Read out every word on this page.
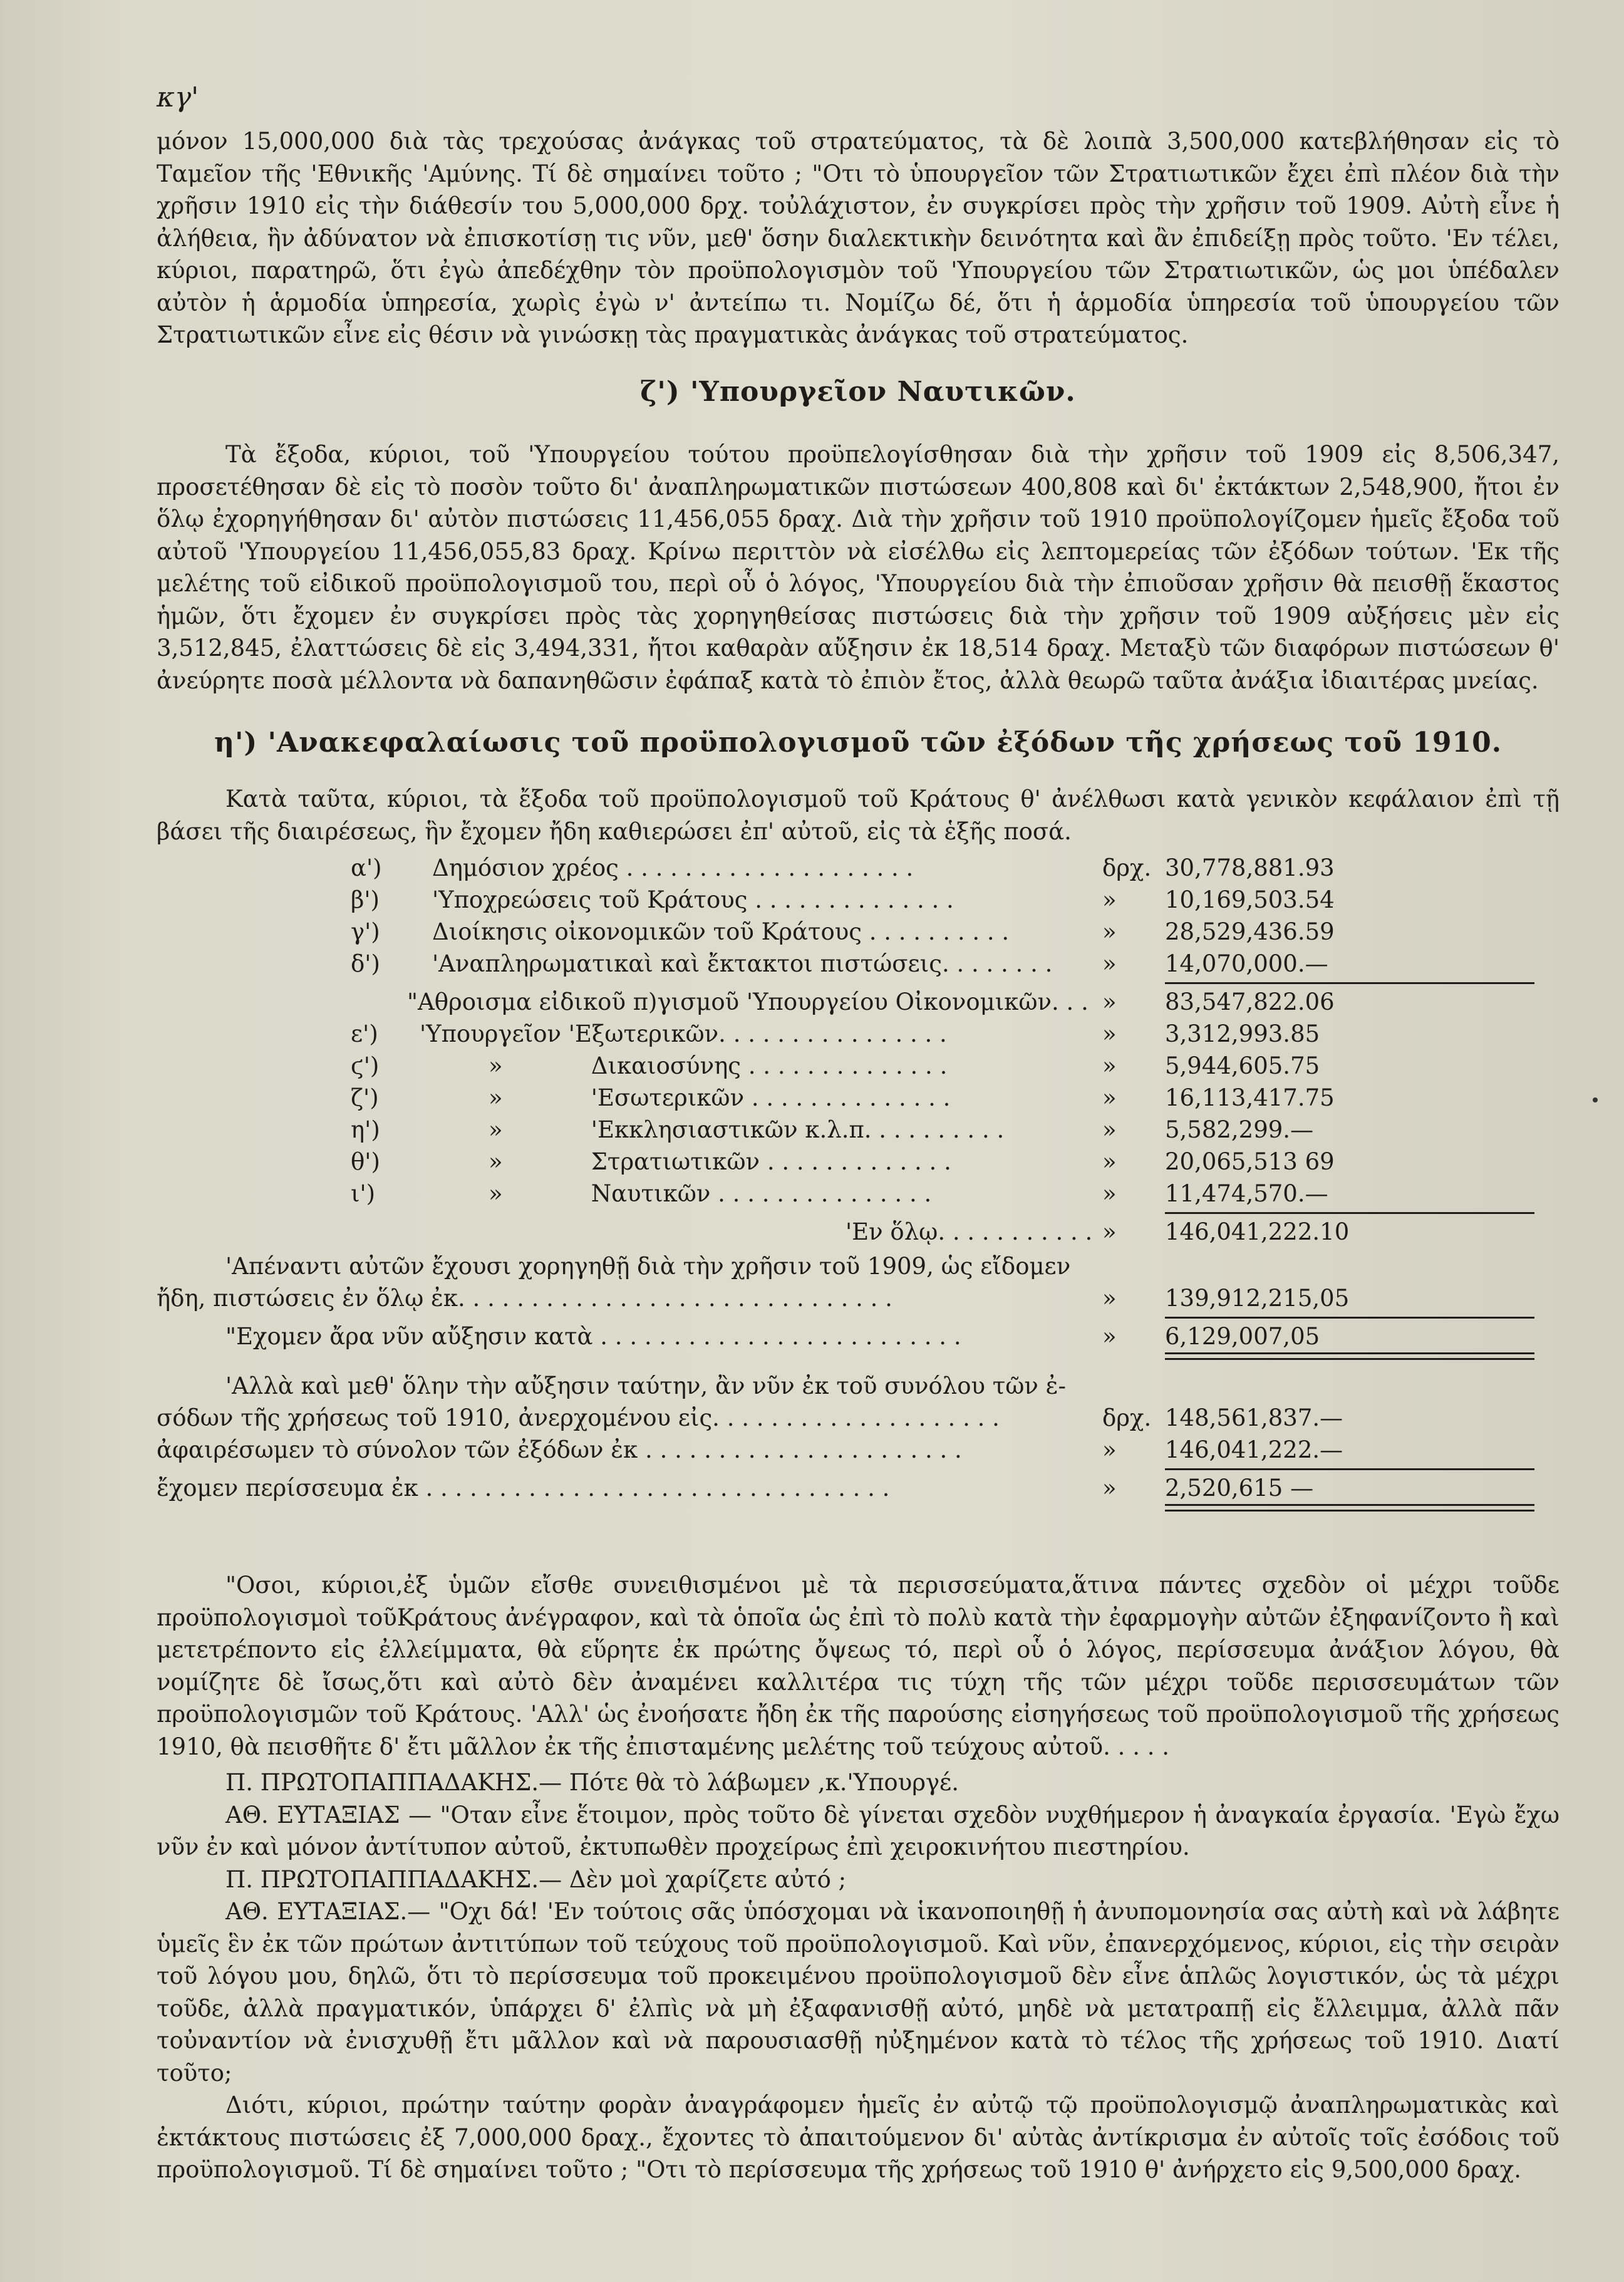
κγ'

μόνον 15,000,000 διὰ τὰς τρεχούσας ἀνάγκας τοῦ στρατεύματος, τὰ δὲ λοιπὰ 3,500,000 κατεβλήθησαν εἰς τὸ Ταμεῖον τῆς 'Εθνικῆς 'Αμύνης. Τί δὲ σημαίνει τοῦτο ; "Οτι τὸ ὑπουργεῖον τῶν Στρατιωτικῶν ἔχει ἐπὶ πλέον διὰ τὴν χρῆσιν 1910 εἰς τὴν διάθεσίν του 5,000,000 δρχ. τοὐλάχιστον, ἐν συγκρίσει πρὸς τὴν χρῆσιν τοῦ 1909. Αὐτὴ εἶνε ἡ ἀλήθεια, ἣν ἀδύνατον νὰ ἐπισκοτίσῃ τις νῦν, μεθ' ὅσην διαλεκτικὴν δεινότητα καὶ ἂν ἐπιδείξῃ πρὸς τοῦτο. 'Εν τέλει, κύριοι, παρατηρῶ, ὅτι ἐγὼ ἀπεδέχθην τὸν προϋπολογισμὸν τοῦ 'Υπουργείου τῶν Στρατιωτικῶν, ὡς μοι ὑπέδαλεν αὐτὸν ἡ ἁρμοδία ὑπηρεσία, χωρὶς ἐγὼ ν' ἀντείπω τι. Νομίζω δέ, ὅτι ἡ ἁρμοδία ὑπηρεσία τοῦ ὑπουργείου τῶν Στρατιωτικῶν εἶνε εἰς θέσιν νὰ γινώσκῃ τὰς πραγματικὰς ἀνάγκας τοῦ στρατεύματος.

ζ') 'Υπουργεῖον Ναυτικῶν.

Τὰ ἔξοδα, κύριοι, τοῦ 'Υπουργείου τούτου προϋπελογίσθησαν διὰ τὴν χρῆσιν τοῦ 1909 εἰς 8,506,347, προσετέθησαν δὲ εἰς τὸ ποσὸν τοῦτο δι' ἀναπληρωματικῶν πιστώσεων 400,808 καὶ δι' ἐκτάκτων 2,548,900, ἤτοι ἐν ὅλῳ ἐχορηγήθησαν δι' αὐτὸν πιστώσεις 11,456,055 δραχ. Διὰ τὴν χρῆσιν τοῦ 1910 προϋπολογίζομεν ἡμεῖς ἔξοδα τοῦ αὐτοῦ 'Υπουργείου 11,456,055,83 δραχ. Κρίνω περιττὸν νὰ εἰσέλθω εἰς λεπτομερείας τῶν ἐξόδων τούτων. 'Εκ τῆς μελέτης τοῦ εἰδικοῦ προϋπολογισμοῦ του, περὶ οὗ ὁ λόγος, 'Υπουργείου διὰ τὴν ἐπιοῦσαν χρῆσιν θὰ πεισθῇ ἕκαστος ἡμῶν, ὅτι ἔχομεν ἐν συγκρίσει πρὸς τὰς χορηγηθείσας πιστώσεις διὰ τὴν χρῆσιν τοῦ 1909 αὐξήσεις μὲν εἰς 3,512,845, ἐλαττώσεις δὲ εἰς 3,494,331, ἤτοι καθαρὰν αὔξησιν ἐκ 18,514 δραχ. Μεταξὺ τῶν διαφόρων πιστώσεων θ' ἀνεύρητε ποσὰ μέλλοντα νὰ δαπανηθῶσιν ἐφάπαξ κατὰ τὸ ἐπιὸν ἔτος, ἀλλὰ θεωρῶ ταῦτα ἀνάξια ἰδιαιτέρας μνείας.

η') 'Ανακεφαλαίωσις τοῦ προϋπολογισμοῦ τῶν ἐξόδων τῆς χρήσεως τοῦ 1910.

Κατὰ ταῦτα, κύριοι, τὰ ἔξοδα τοῦ προϋπολογισμοῦ τοῦ Κράτους θ' ἀνέλθωσι κατὰ γενικὸν κεφάλαιον ἐπὶ τῇ βάσει τῆς διαιρέσεως, ἣν ἔχομεν ἤδη καθιερώσει ἐπ' αὐτοῦ, εἰς τὰ ἑξῆς ποσά.

α') Δημόσιον χρέος . . . . . . . . . . . . . . . . . . . .	δρχ. 30,778,881.93
β') 'Υποχρεώσεις τοῦ Κράτους . . . . . . . . . . . . . .	» 10,169,503.54
γ') Διοίκησις οἰκονομικῶν τοῦ Κράτους . . . . . . . . . .	» 28,529,436.59
δ') 'Αναπληρωματικαὶ καὶ ἔκτακτοι πιστώσεις. . . . . . . . » 14,070,000.—
"Αθροισμα εἰδικοῦ π)γισμοῦ 'Υπουργείου Οἰκονομικῶν. . . » 83,547,822.06
ε') 'Υπουργεῖον 'Εξωτερικῶν. . . . . . . . . . . . . . . .	» 3,312,993.85
ϛ')	»            Δικαιοσύνης . . . . . . . . . . . . . .	» 5,944,605.75
ζ')	»            'Εσωτερικῶν . . . . . . . . . . . . . .	» 16,113,417.75
η')	»            'Εκκλησιαστικῶν κ.λ.π. . . . . . . . . .	» 5,582,299.—
θ')	»            Στρατιωτικῶν . . . . . . . . . . . . .	» 20,065,513 69
ι')	»            Ναυτικῶν . . . . . . . . . . . . . . .	» 11,474,570.—
'Εν ὅλῳ. . . . . . . . . . . » 146,041,222.10
'Απέναντι αὐτῶν ἔχουσι χορηγηθῇ διὰ τὴν χρῆσιν τοῦ 1909, ὡς εἴδομεν
ἤδη, πιστώσεις ἐν ὅλῳ ἐκ. . . . . . . . . . . . . . . . . . . . . . . . . . . . . .	» 139,912,215,05
"Εχομεν ἄρα νῦν αὔξησιν κατὰ . . . . . . . . . . . . . . . . . . . . . . . . .	» 6,129,007,05
'Αλλὰ καὶ μεθ' ὅλην τὴν αὔξησιν ταύτην, ἂν νῦν ἐκ τοῦ συνόλου τῶν ἐ-
σόδων τῆς χρήσεως τοῦ 1910, ἀνερχομένου εἰς. . . . . . . . . . . . . . . . . . . .	δρχ. 148,561,837.—
ἀφαιρέσωμεν τὸ σύνολον τῶν ἐξόδων ἐκ . . . . . . . . . . . . . . . . . . . . . .	» 146,041,222.—
ἔχομεν περίσσευμα ἐκ . . . . . . . . . . . . . . . . . . . . . . . . . . . . . . . .	» 2,520,615 —

"Οσοι, κύριοι,ἐξ ὑμῶν εἴσθε συνειθισμένοι μὲ τὰ περισσεύματα,ἅτινα πάντες σχεδὸν οἱ μέχρι τοῦδε προϋπολογισμοὶ τοῦΚράτους ἀνέγραφον, καὶ τὰ ὁποῖα ὡς ἐπὶ τὸ πολὺ κατὰ τὴν ἐφαρμογὴν αὐτῶν ἐξηφανίζοντο ἢ καὶ μετετρέποντο εἰς ἐλλείμματα, θὰ εὕρητε ἐκ πρώτης ὄψεως τό, περὶ οὗ ὁ λόγος, περίσσευμα ἀνάξιον λόγου, θὰ νομίζητε δὲ ἴσως,ὅτι καὶ αὐτὸ δὲν ἀναμένει καλλιτέρα τις τύχη τῆς τῶν μέχρι τοῦδε περισσευμάτων τῶν προϋπολογισμῶν τοῦ Κράτους. 'Αλλ' ὡς ἐνοήσατε ἤδη ἐκ τῆς παρούσης εἰσηγήσεως τοῦ προϋπολογισμοῦ τῆς χρήσεως 1910, θὰ πεισθῆτε δ' ἔτι μᾶλλον ἐκ τῆς ἐπισταμένης μελέτης τοῦ τεύχους αὐτοῦ. . . . .

Π. ΠΡΩΤΟΠΑΠΠΑΔΑΚΗΣ.— Πότε θὰ τὸ λάβωμεν ,κ.'Υπουργέ.

ΑΘ. ΕΥΤΑΞΙΑΣ — "Οταν εἶνε ἕτοιμον, πρὸς τοῦτο δὲ γίνεται σχεδὸν νυχθήμερον ἡ ἀναγκαία ἐργασία. 'Εγὼ ἔχω νῦν ἐν καὶ μόνον ἀντίτυπον αὐτοῦ, ἐκτυπωθὲν προχείρως ἐπὶ χειροκινήτου πιεστηρίου.

Π. ΠΡΩΤΟΠΑΠΠΑΔΑΚΗΣ.— Δὲν μοὶ χαρίζετε αὐτό ;

ΑΘ. ΕΥΤΑΞΙΑΣ.— "Οχι δά! 'Εν τούτοις σᾶς ὑπόσχομαι νὰ ἱκανοποιηθῇ ἡ ἀνυπομονησία σας αὐτὴ καὶ νὰ λάβητε ὑμεῖς ἓν ἐκ τῶν πρώτων ἀντιτύπων τοῦ τεύχους τοῦ προϋπολογισμοῦ. Καὶ νῦν, ἐπανερχόμενος, κύριοι, εἰς τὴν σειρὰν τοῦ λόγου μου, δηλῶ, ὅτι τὸ περίσσευμα τοῦ προκειμένου προϋπολογισμοῦ δὲν εἶνε ἁπλῶς λογιστικόν, ὡς τὰ μέχρι τοῦδε, ἀλλὰ πραγματικόν, ὑπάρχει δ' ἐλπὶς νὰ μὴ ἐξαφανισθῇ αὐτό, μηδὲ νὰ μετατραπῇ εἰς ἔλλειμμα, ἀλλὰ πᾶν τοὐναντίον νὰ ἐνισχυθῇ ἔτι μᾶλλον καὶ νὰ παρουσιασθῇ ηὐξημένον κατὰ τὸ τέλος τῆς χρήσεως τοῦ 1910. Διατί τοῦτο;

Διότι, κύριοι, πρώτην ταύτην φορὰν ἀναγράφομεν ἡμεῖς ἐν αὐτῷ τῷ προϋπολογισμῷ ἀναπληρωματικὰς καὶ ἐκτάκτους πιστώσεις ἐξ 7,000,000 δραχ., ἔχοντες τὸ ἀπαιτούμενον δι' αὐτὰς ἀντίκρισμα ἐν αὐτοῖς τοῖς ἐσόδοις τοῦ προϋπολογισμοῦ. Τί δὲ σημαίνει τοῦτο ; "Οτι τὸ περίσσευμα τῆς χρήσεως τοῦ 1910 θ' ἀνήρχετο εἰς 9,500,000 δραχ.
